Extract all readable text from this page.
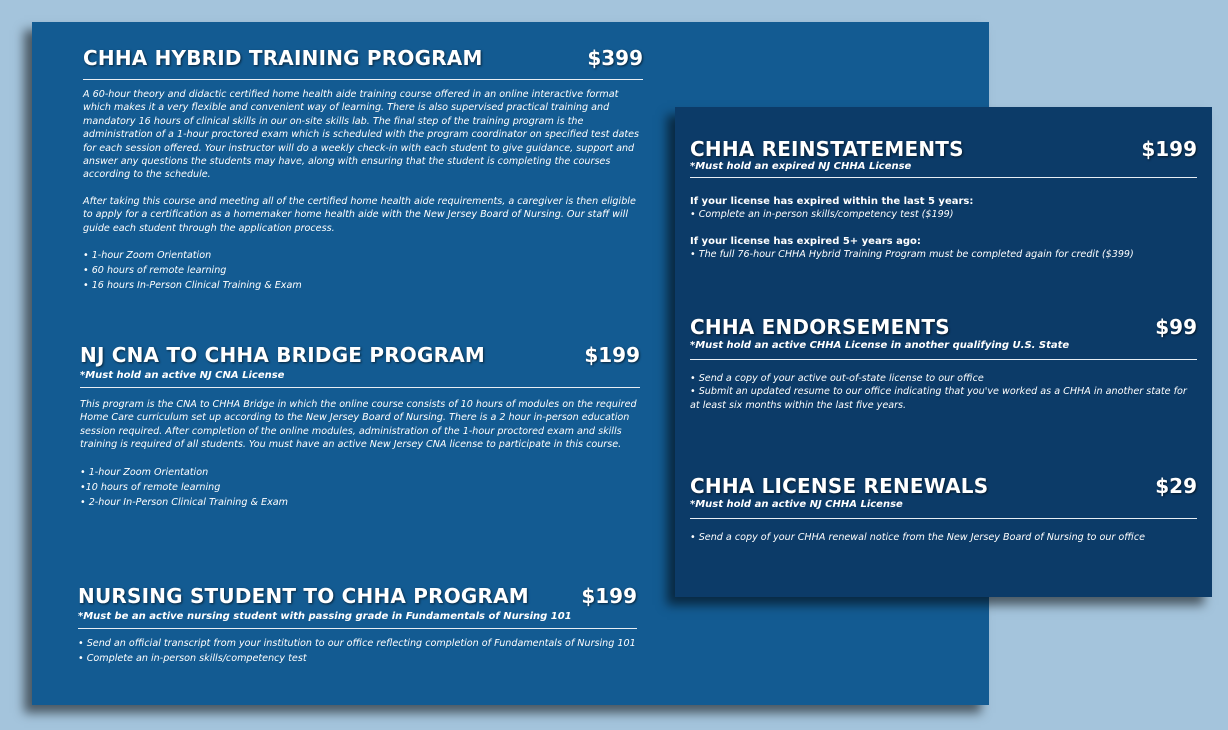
CHHA HYBRID TRAINING PROGRAM	$399

A 60-hour theory and didactic certified home health aide training course offered in an online interactive format which makes it a very flexible and convenient way of learning. There is also supervised practical training and mandatory 16 hours of clinical skills in our on-site skills lab. The final step of the training program is the administration of a 1-hour proctored exam which is scheduled with the program coordinator on specified test dates for each session offered. Your instructor will do a weekly check-in with each student to give guidance, support and answer any questions the students may have, along with ensuring that the student is completing the courses according to the schedule.

After taking this course and meeting all of the certified home health aide requirements, a caregiver is then eligible to apply for a certification as a homemaker home health aide with the New Jersey Board of Nursing. Our staff will guide each student through the application process.

• 1-hour Zoom Orientation
• 60 hours of remote learning
• 16 hours In-Person Clinical Training & Exam
NJ CNA TO CHHA BRIDGE PROGRAM	$199
*Must hold an active NJ CNA License

This program is the CNA to CHHA Bridge in which the online course consists of 10 hours of modules on the required Home Care curriculum set up according to the New Jersey Board of Nursing. There is a 2 hour in-person education session required. After completion of the online modules, administration of the 1-hour proctored exam and skills training is required of all students. You must have an active New Jersey CNA license to participate in this course.

• 1-hour Zoom Orientation
•10 hours of remote learning
• 2-hour In-Person Clinical Training & Exam
NURSING STUDENT TO CHHA PROGRAM	$199
*Must be an active nursing student with passing grade in Fundamentals of Nursing 101
• Send an official transcript from your institution to our office reflecting completion of Fundamentals of Nursing 101
• Complete an in-person skills/competency test
CHHA REINSTATEMENTS	$199
*Must hold an expired NJ CHHA License
If your license has expired within the last 5 years:
• Complete an in-person skills/competency test ($199)
If your license has expired 5+ years ago:
• The full 76-hour CHHA Hybrid Training Program must be completed again for credit ($399)
CHHA ENDORSEMENTS	$99
*Must hold an active CHHA License in another qualifying U.S. State
• Send a copy of your active out-of-state license to our office
• Submit an updated resume to our office indicating that you've worked as a CHHA in another state for at least six months within the last five years.
CHHA LICENSE RENEWALS	$29
*Must hold an active NJ CHHA License
• Send a copy of your CHHA renewal notice from the New Jersey Board of Nursing to our office
